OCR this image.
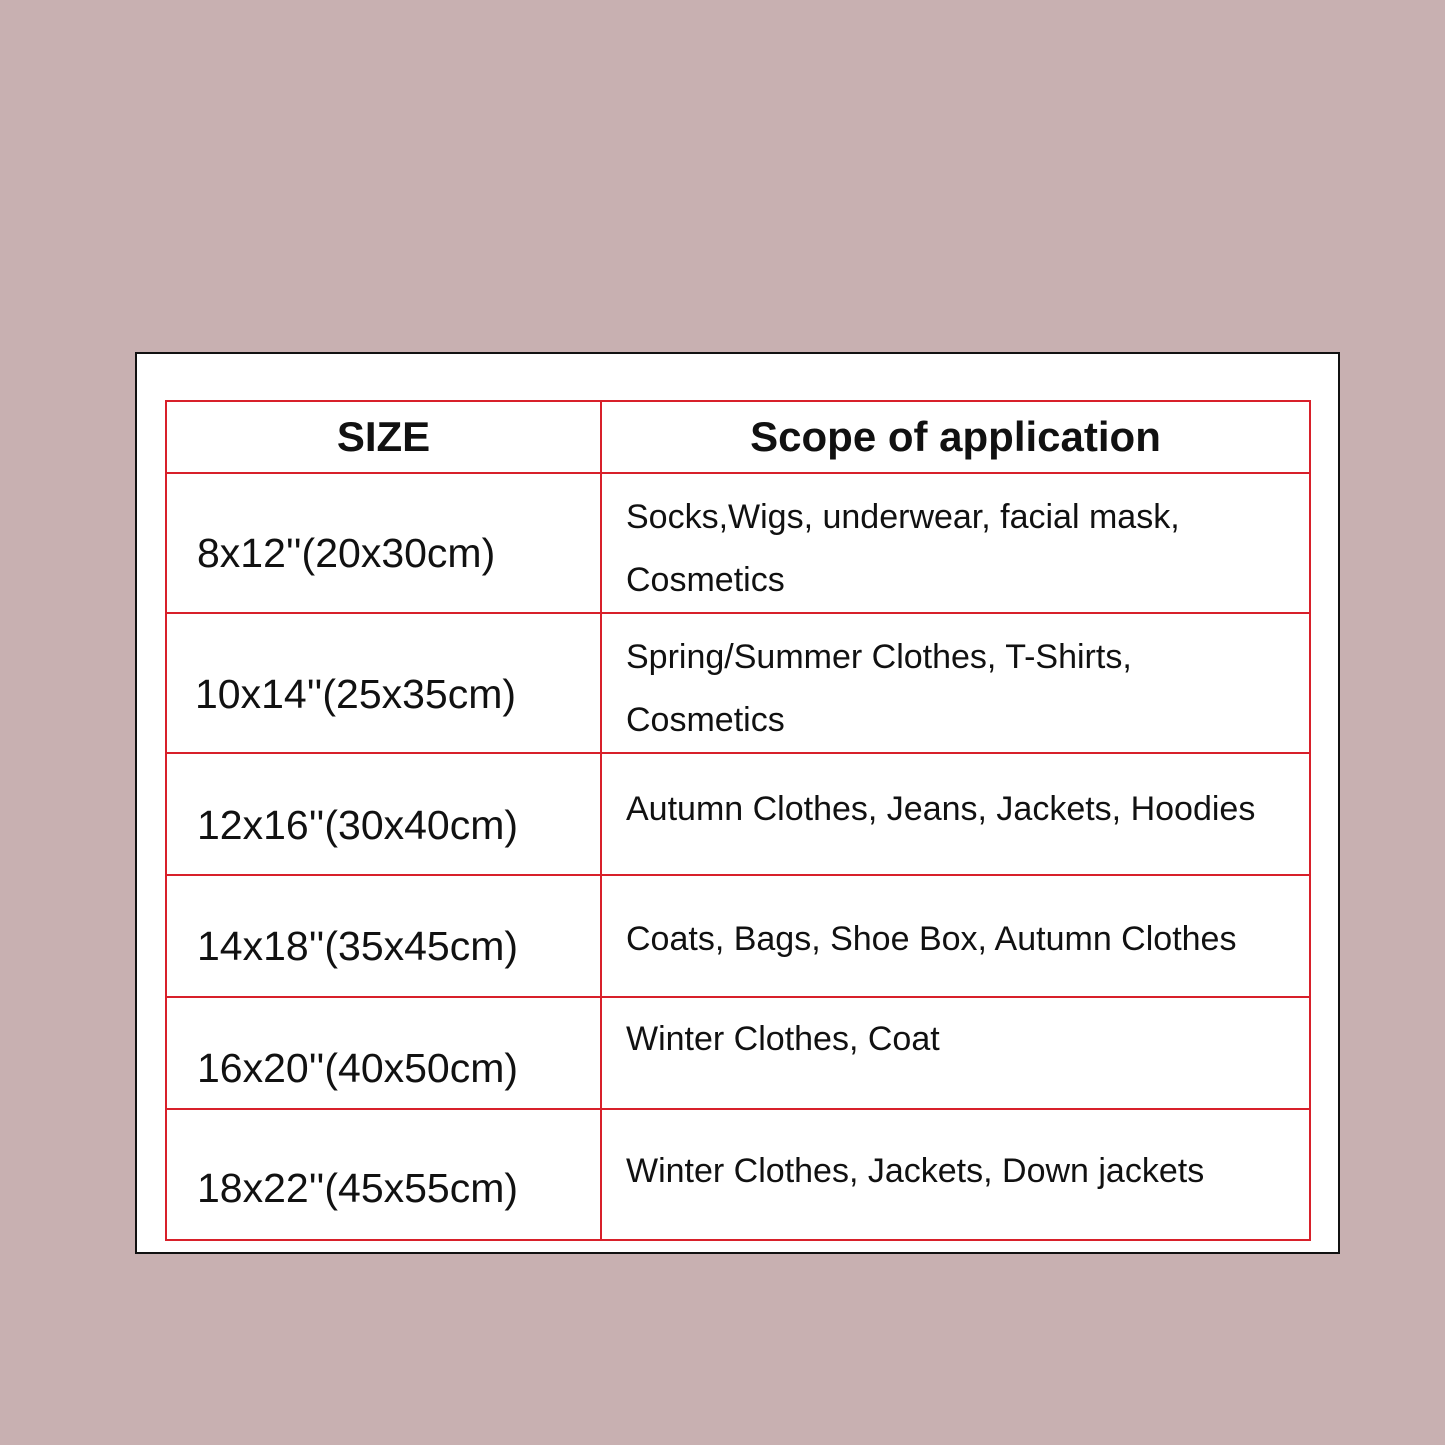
SIZE	Scope of application
8x12''(20x30cm)	Socks,Wigs, underwear, facial mask,
Cosmetics

10x14''(25x35cm)	Spring/Summer Clothes, T-Shirts,
Cosmetics

12x16''(30x40cm)	Autumn Clothes, Jeans, Jackets, Hoodies

14x18''(35x45cm)	Coats, Bags, Shoe Box, Autumn Clothes

16x20''(40x50cm)	Winter Clothes, Coat

18x22''(45x55cm)	Winter Clothes, Jackets, Down jackets
